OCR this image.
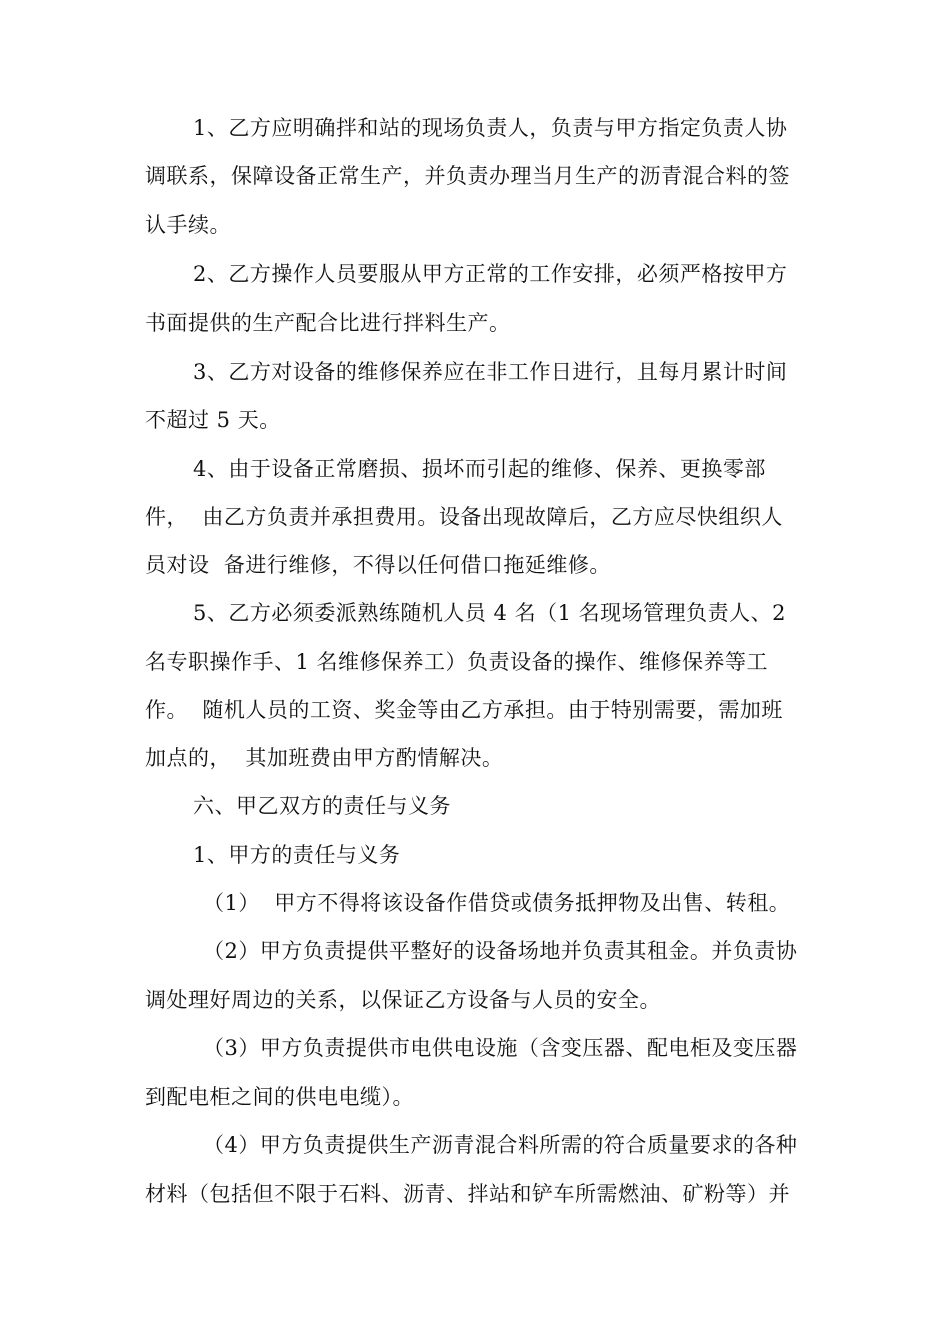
1、乙方应明确拌和站的现场负责人，负责与甲方指定负责人协
调联系，保障设备正常生产，并负责办理当月生产的沥青混合料的签
认手续。
2、乙方操作人员要服从甲方正常的工作安排，必须严格按甲方
书面提供的生产配合比进行拌料生产。
3、乙方对设备的维修保养应在非工作日进行，且每月累计时间
不超过 5 天。
4、由于设备正常磨损、损坏而引起的维修、保养、更换零部
件，  由乙方负责并承担费用。设备出现故障后，乙方应尽快组织人
员对设  备进行维修，不得以任何借口拖延维修。
5、乙方必须委派熟练随机人员 4 名（1 名现场管理负责人、2
名专职操作手、1 名维修保养工）负责设备的操作、维修保养等工
作。  随机人员的工资、奖金等由乙方承担。由于特别需要，需加班
加点的，  其加班费由甲方酌情解决。
六、甲乙双方的责任与义务
1、甲方的责任与义务
（1）  甲方不得将该设备作借贷或债务抵押物及出售、转租。
（2）甲方负责提供平整好的设备场地并负责其租金。并负责协
调处理好周边的关系，以保证乙方设备与人员的安全。
（3）甲方负责提供市电供电设施（含变压器、配电柜及变压器
到配电柜之间的供电电缆）。
（4）甲方负责提供生产沥青混合料所需的符合质量要求的各种
材料（包括但不限于石料、沥青、拌站和铲车所需燃油、矿粉等）并
